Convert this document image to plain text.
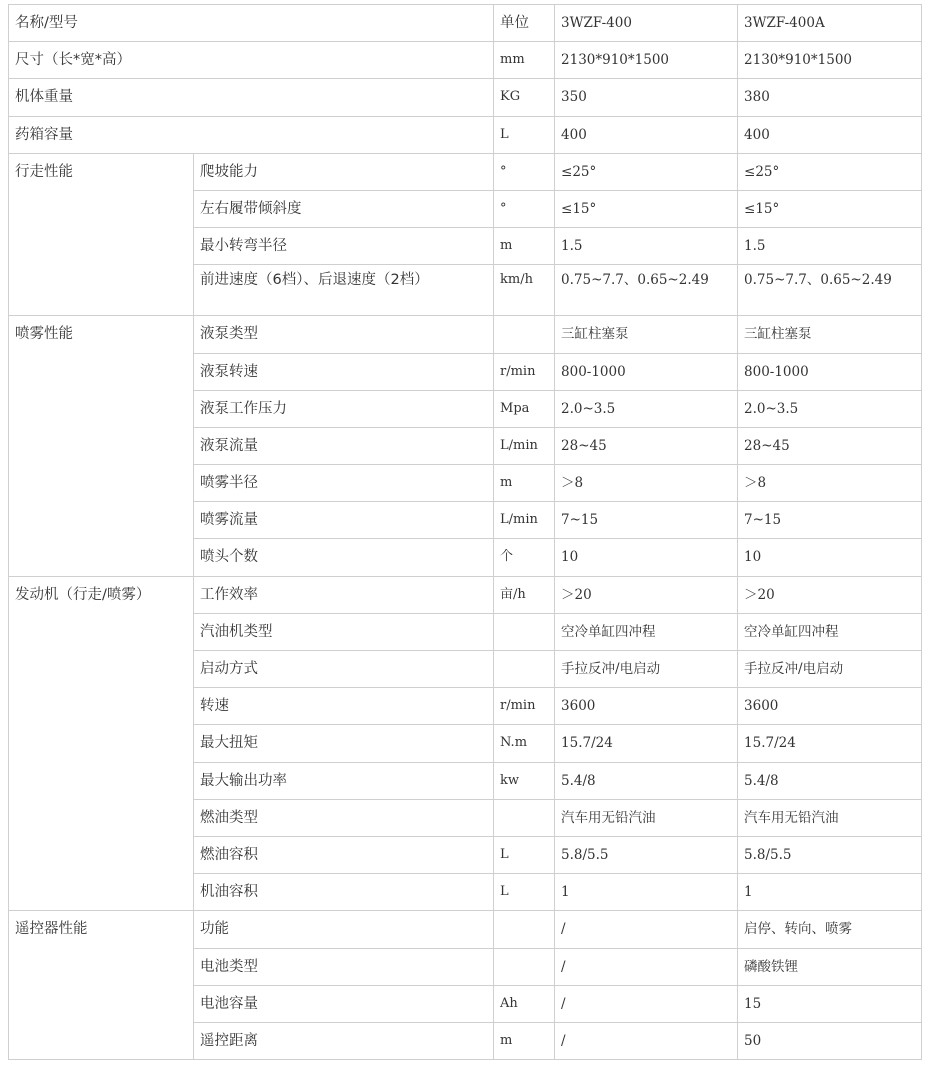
名称/型号		单位	3WZF-400	3WZF-400A

尺寸（长*宽*高）		mm	2130*910*1500	2130*910*1500

机体重量		KG	350	380

药箱容量		L	400	400

行走性能	爬坡能力	°	≤25°	≤25°

	左右履带倾斜度	°	≤15°	≤15°

	最小转弯半径	m	1.5	1.5

	前进速度（6档）、后退速度（2档）	km/h	0.75~7.7、0.65~2.49	0.75~7.7、0.65~2.49

喷雾性能	液泵类型		三缸柱塞泵	三缸柱塞泵

	液泵转速	r/min	800-1000	800-1000

	液泵工作压力	Mpa	2.0~3.5	2.0~3.5

	液泵流量	L/min	28~45	28~45

	喷雾半径	m	＞8	＞8

	喷雾流量	L/min	7~15	7~15

	喷头个数	个	10	10

发动机（行走/喷雾）	工作效率	亩/h	＞20	＞20

	汽油机类型		空冷单缸四冲程	空冷单缸四冲程

	启动方式		手拉反冲/电启动	手拉反冲/电启动

	转速	r/min	3600	3600

	最大扭矩	N.m	15.7/24	15.7/24

	最大输出功率	kw	5.4/8	5.4/8

	燃油类型		汽车用无铅汽油	汽车用无铅汽油

	燃油容积	L	5.8/5.5	5.8/5.5

	机油容积	L	1	1

遥控器性能	功能		/	启停、转向、喷雾

	电池类型		/	磷酸铁锂

	电池容量	Ah	/	15

	遥控距离	m	/	50
